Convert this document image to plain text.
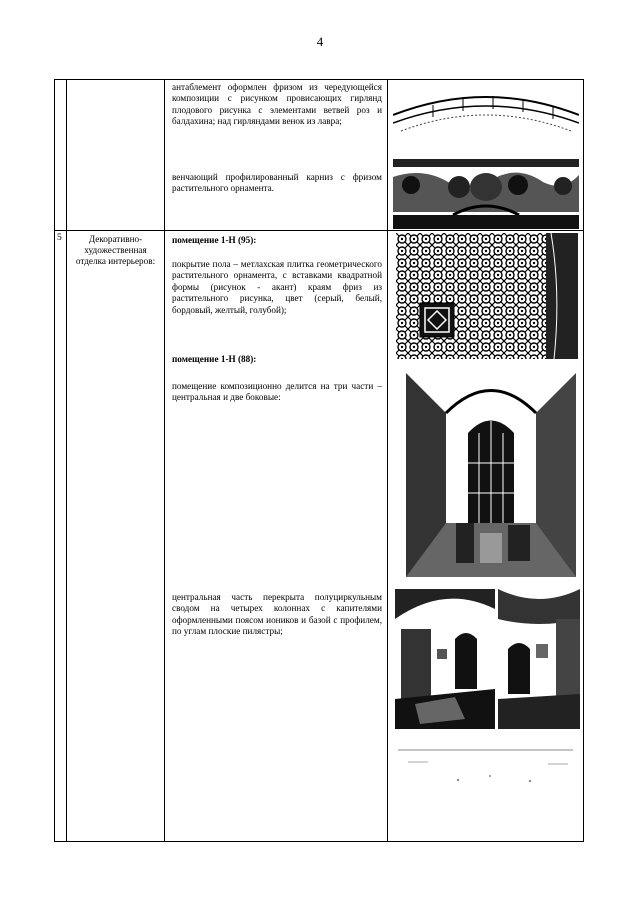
4
антаблемент оформлен фризом из чередующейся композиции с рисунком провисающих гирлянд плодового рисунка с элементами ветвей роз и балдахина; над гирляндами венок из лавра;
венчающий профилированный карниз с фризом растительного орнамента.
5	Декоративно-художественная отделка интерьеров:
помещение 1-Н (95):
покрытие пола – метлахская плитка геометрического растительного орнамента, с вставками квадратной формы (рисунок - акант) краям фриз из растительного рисунка, цвет (серый, белый, бордовый, желтый, голубой);
помещение 1-Н (88):
помещение композиционно делится на три части – центральная и две боковые:
центральная часть перекрыта полуциркульным сводом на четырех колоннах с капителями оформленными поясом иоников и базой с профилем, по углам плоские пилястры;
